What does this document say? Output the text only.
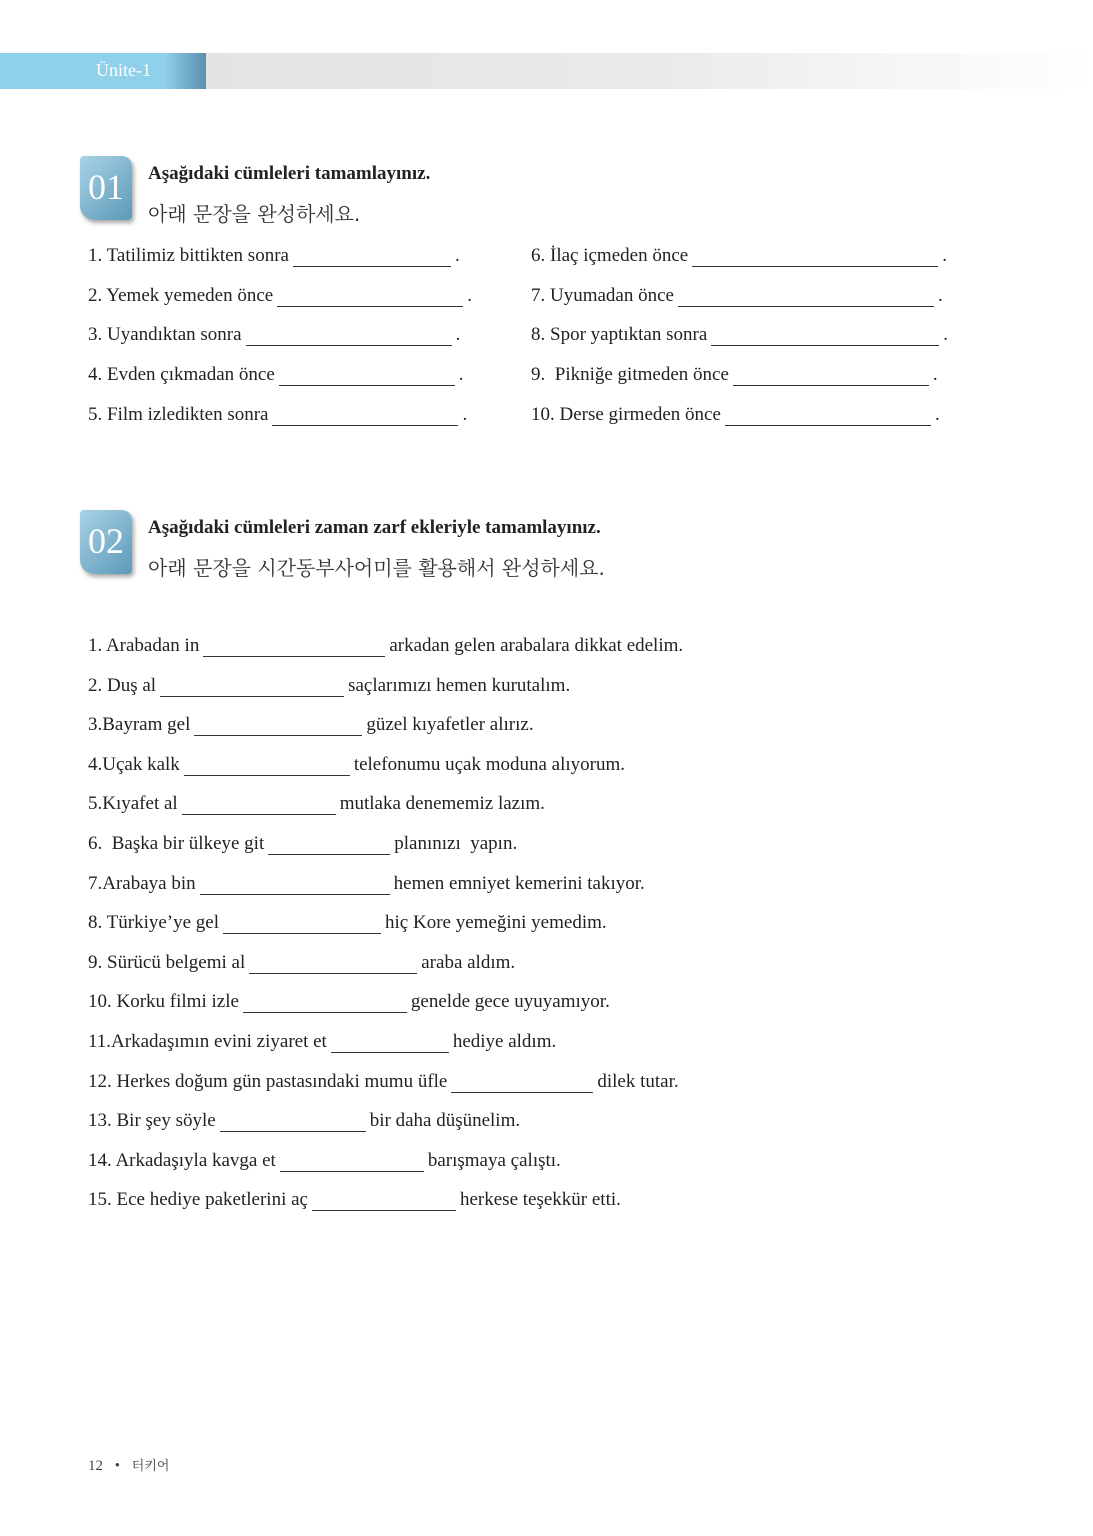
Ünite-1
01	Aşağıdaki cümleleri tamamlayınız.
아래 문장을 완성하세요.
1. Tatilimiz bittikten sonra	.
2. Yemek yemeden önce	.
3. Uyandıktan sonra	.
4. Evden çıkmadan önce	.
5. Film izledikten sonra	.
6. İlaç içmeden önce	.
7. Uyumadan önce	.
8. Spor yaptıktan sonra	.
9.  Pikniğe gitmeden önce	.
10. Derse girmeden önce	.
02	Aşağıdaki cümleleri zaman zarf ekleriyle tamamlayınız.
아래 문장을 시간동부사어미를 활용해서 완성하세요.
1. Arabadan in	arkadan gelen arabalara dikkat edelim.
2. Duş al	saçlarımızı hemen kurutalım.
3.Bayram gel	güzel kıyafetler alırız.
4.Uçak kalk	telefonumu uçak moduna alıyorum.
5.Kıyafet al	mutlaka denememiz lazım.
6.  Başka bir ülkeye git	planınızı  yapın.
7.Arabaya bin	hemen emniyet kemerini takıyor.
8. Türkiye’ye gel	hiç Kore yemeğini yemedim.
9. Sürücü belgemi al	araba aldım.
10. Korku filmi izle	genelde gece uyuyamıyor.
11.Arkadaşımın evini ziyaret et	hediye aldım.
12. Herkes doğum gün pastasındaki mumu üfle	dilek tutar.
13. Bir şey söyle	bir daha düşünelim.
14. Arkadaşıyla kavga et	barışmaya çalıştı.
15. Ece hediye paketlerini aç	herkese teşekkür etti.
12 • 터키어
